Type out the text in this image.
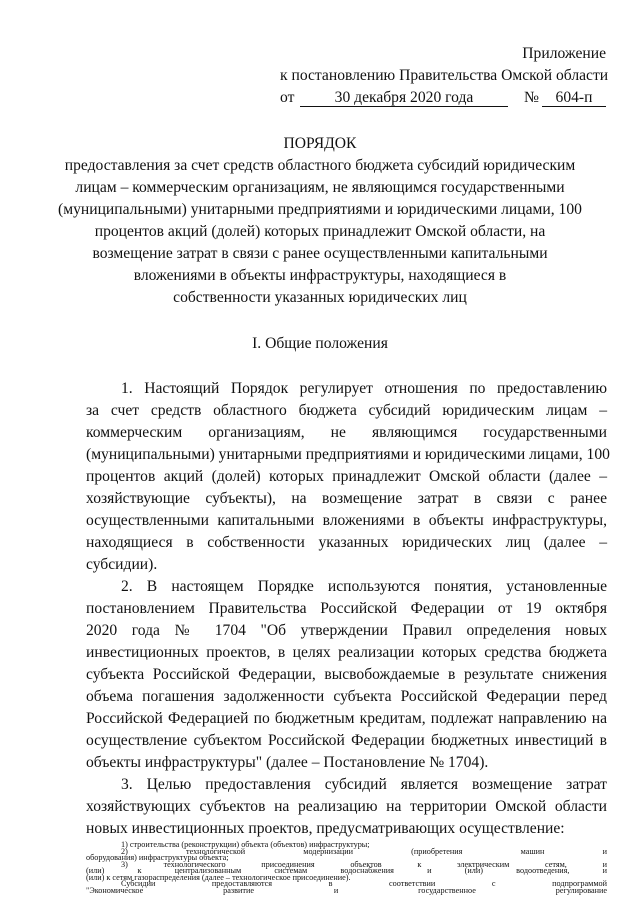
Приложение
к постановлению Правительства Омской области
от	30 декабря 2020 года	№	604-п
ПОРЯДОК
предоставления за счет средств областного бюджета субсидий юридическим
лицам – коммерческим организациям, не являющимся государственными
(муниципальными) унитарными предприятиями и юридическими лицами, 100
процентов акций (долей) которых принадлежит Омской области, на
возмещение затрат в связи с ранее осуществленными капитальными
вложениями в объекты инфраструктуры, находящиеся в
собственности указанных юридических лиц
I. Общие положения
1. Настоящий Порядок регулирует отношения по предоставлению
за счет средств областного бюджета субсидий юридическим лицам –
коммерческим организациям, не являющимся государственными
(муниципальными) унитарными предприятиями и юридическими лицами, 100
процентов акций (долей) которых принадлежит Омской области (далее –
хозяйствующие субъекты), на возмещение затрат в связи с ранее
осуществленными капитальными вложениями в объекты инфраструктуры,
находящиеся в собственности указанных юридических лиц (далее –
субсидии).
2. В настоящем Порядке используются понятия, установленные
постановлением Правительства Российской Федерации от 19 октября
2020 года № 1704 "Об утверждении Правил определения новых
инвестиционных проектов, в целях реализации которых средства бюджета
субъекта Российской Федерации, высвобождаемые в результате снижения
объема погашения задолженности субъекта Российской Федерации перед
Российской Федерацией по бюджетным кредитам, подлежат направлению на
осуществление субъектом Российской Федерации бюджетных инвестиций в
объекты инфраструктуры" (далее – Постановление № 1704).
3. Целью предоставления субсидий является возмещение затрат
хозяйствующих субъектов на реализацию на территории Омской области
новых инвестиционных проектов, предусматривающих осуществление:
1) строительства (реконструкции) объекта (объектов) инфраструктуры;
2) технологической модернизации (приобретения машин и
оборудования) инфраструктуры объекта;
3) технологического присоединения объектов к электрическим сетям, и
(или) к централизованным системам водоснабжения и (или) водоотведения, и
(или) к сетям газораспределения (далее – технологическое присоединение).
Субсидии предоставляются в соответствии с подпрограммой
"Экономическое развитие и государственное регулирование
